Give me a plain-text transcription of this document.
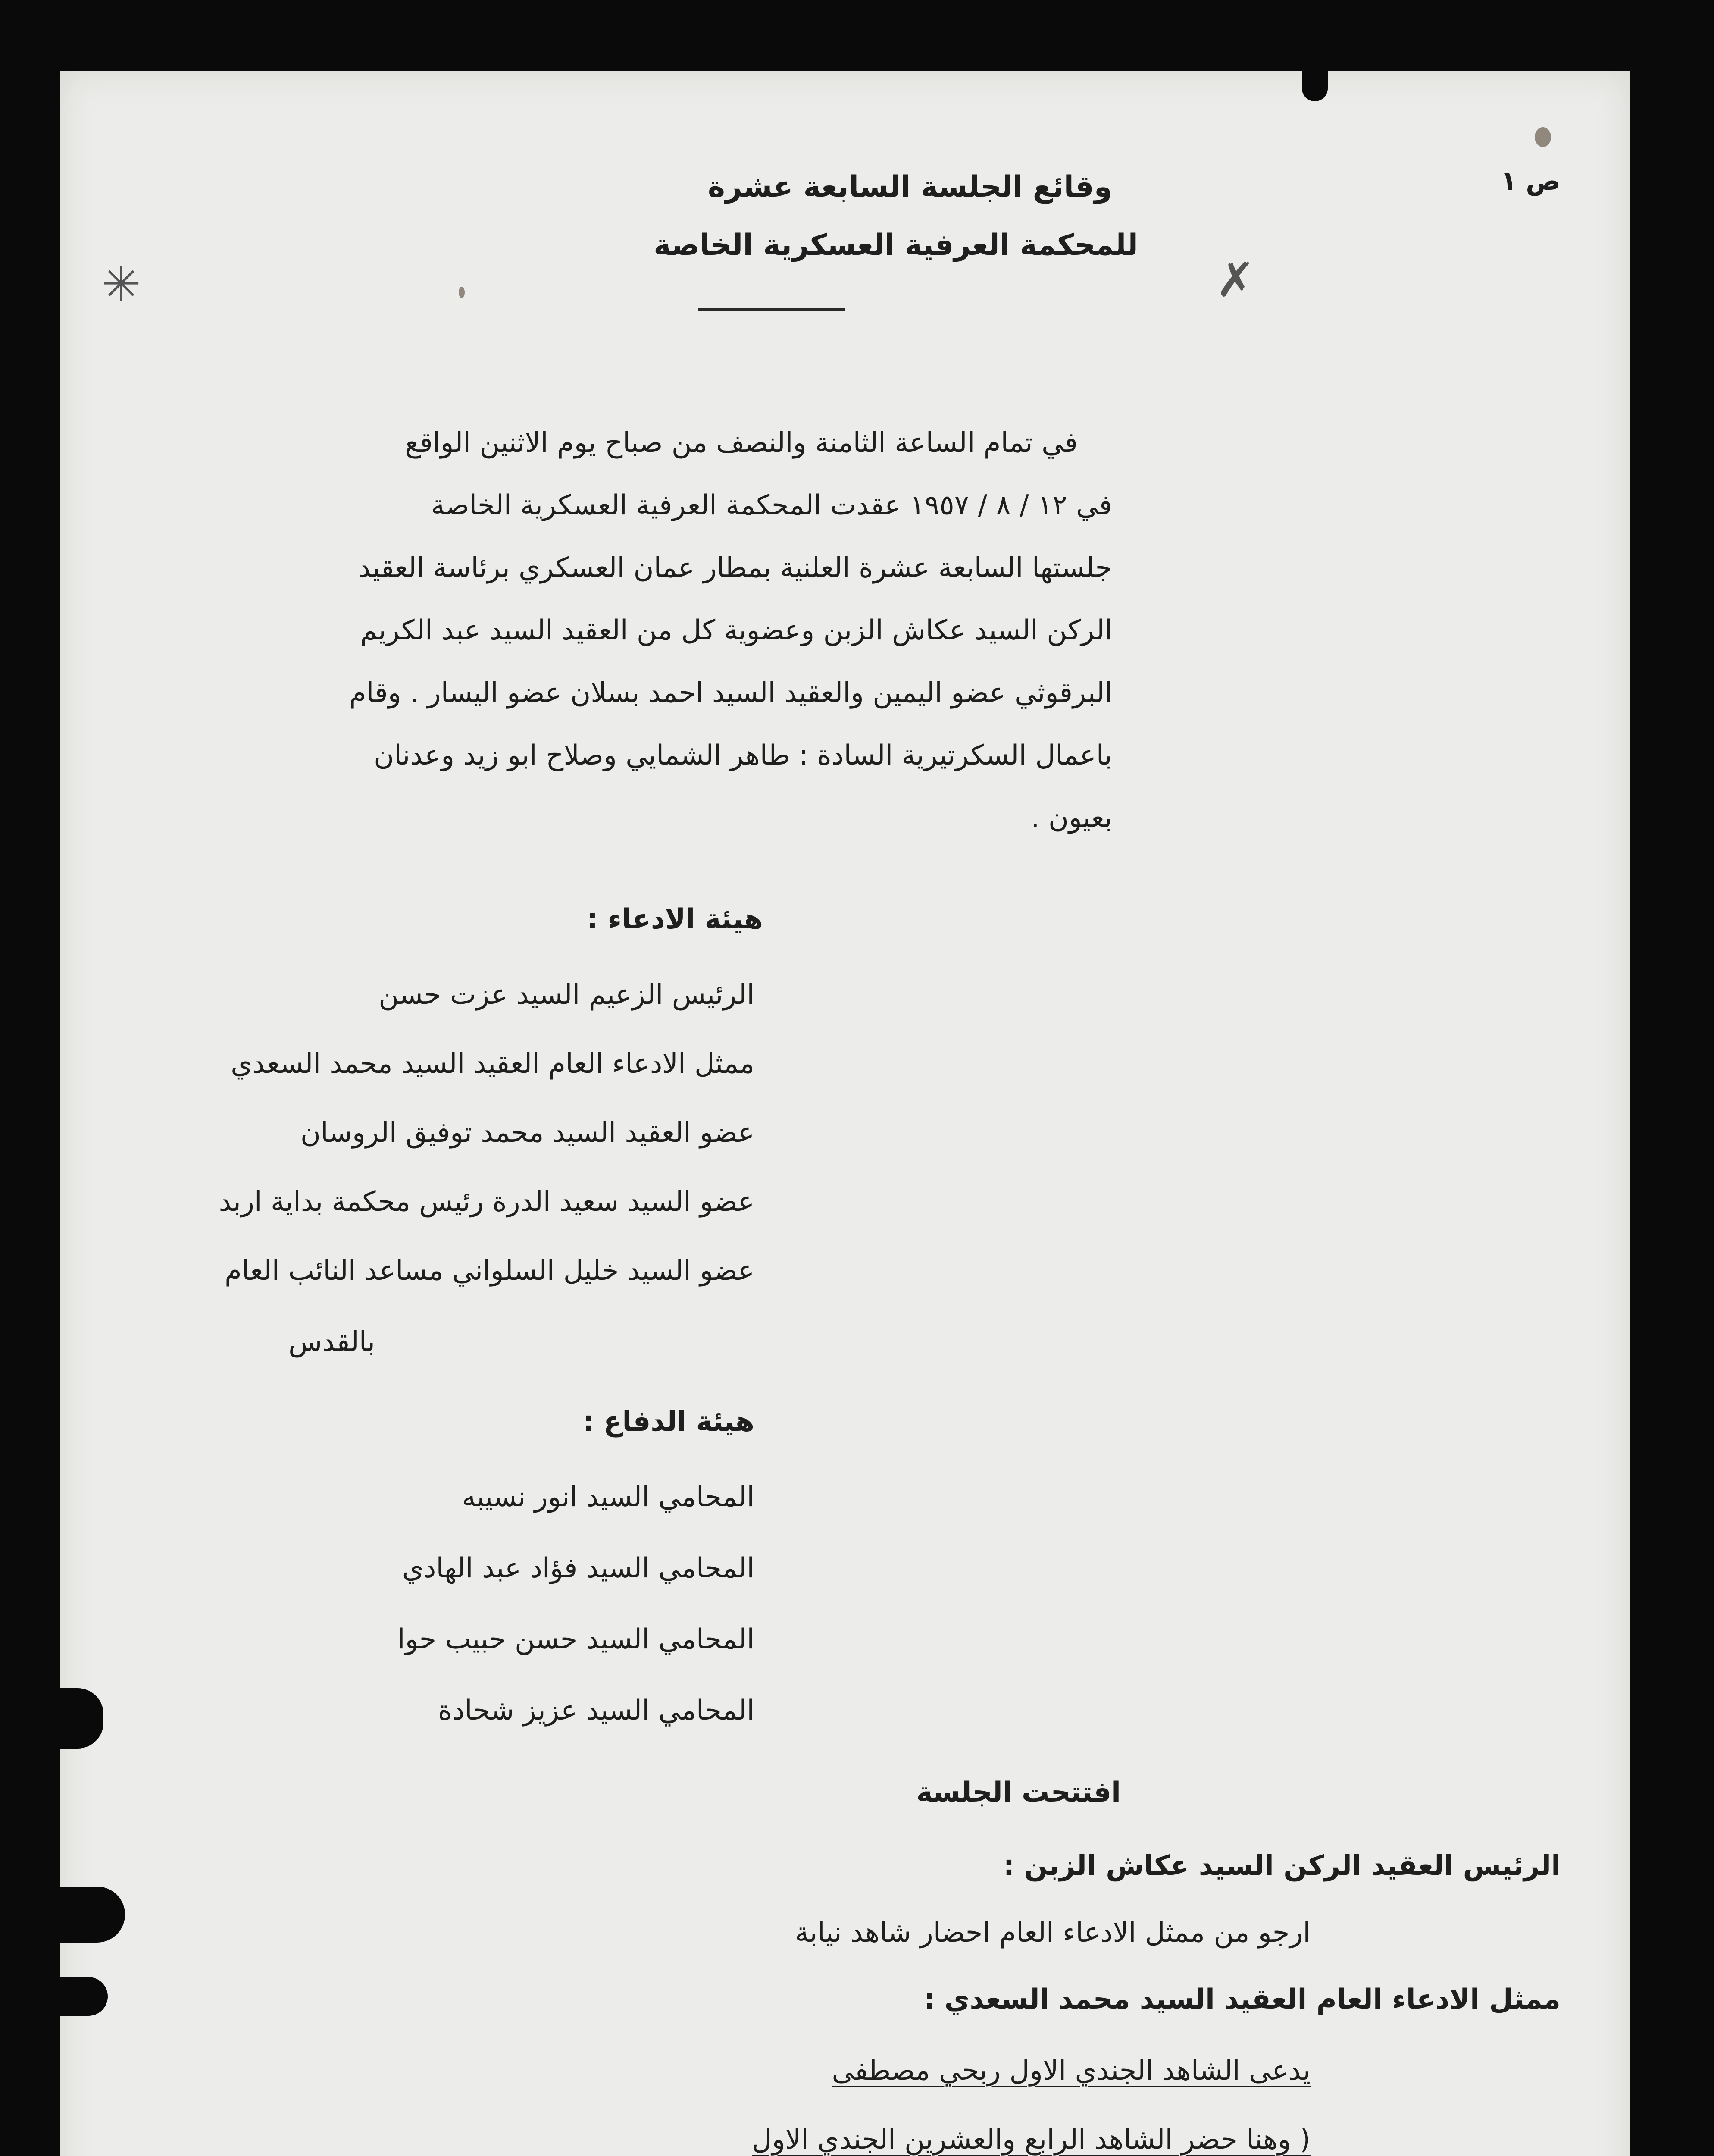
✳	✗
ص ١
وقائع الجلسة السابعة عشرة
للمحكمة العرفية العسكرية الخاصة
في تمام الساعة الثامنة والنصف من صباح يوم الاثنين الواقع
في ١٢ / ٨ / ١٩٥٧ عقدت المحكمة العرفية العسكرية الخاصة
جلستها السابعة عشرة العلنية بمطار عمان العسكري برئاسة العقيد
الركن السيد عكاش الزبن وعضوية كل من العقيد السيد عبد الكريم
البرقوثي عضو اليمين والعقيد السيد احمد بسلان عضو اليسار . وقام
باعمال السكرتيرية السادة : طاهر الشمايي وصلاح ابو زيد وعدنان
بعيون .
هيئة الادعاء :
الرئيس الزعيم السيد عزت حسن
ممثل الادعاء العام العقيد السيد محمد السعدي
عضو العقيد السيد محمد توفيق الروسان
عضو السيد سعيد الدرة رئيس محكمة بداية اربد
عضو السيد خليل السلواني مساعد النائب العام
بالقدس
هيئة الدفاع :
المحامي السيد انور نسيبه
المحامي السيد فؤاد عبد الهادي
المحامي السيد حسن حبيب حوا
المحامي السيد عزيز شحادة
افتتحت الجلسة
الرئيس العقيد الركن السيد عكاش الزبن :
ارجو من ممثل الادعاء العام احضار شاهد نيابة
ممثل الادعاء العام العقيد السيد محمد السعدي :
يدعى الشاهد الجندي الاول ربحي مصطفى
( وهنا حضر الشاهد الرابع والعشرين الجندي الاول
